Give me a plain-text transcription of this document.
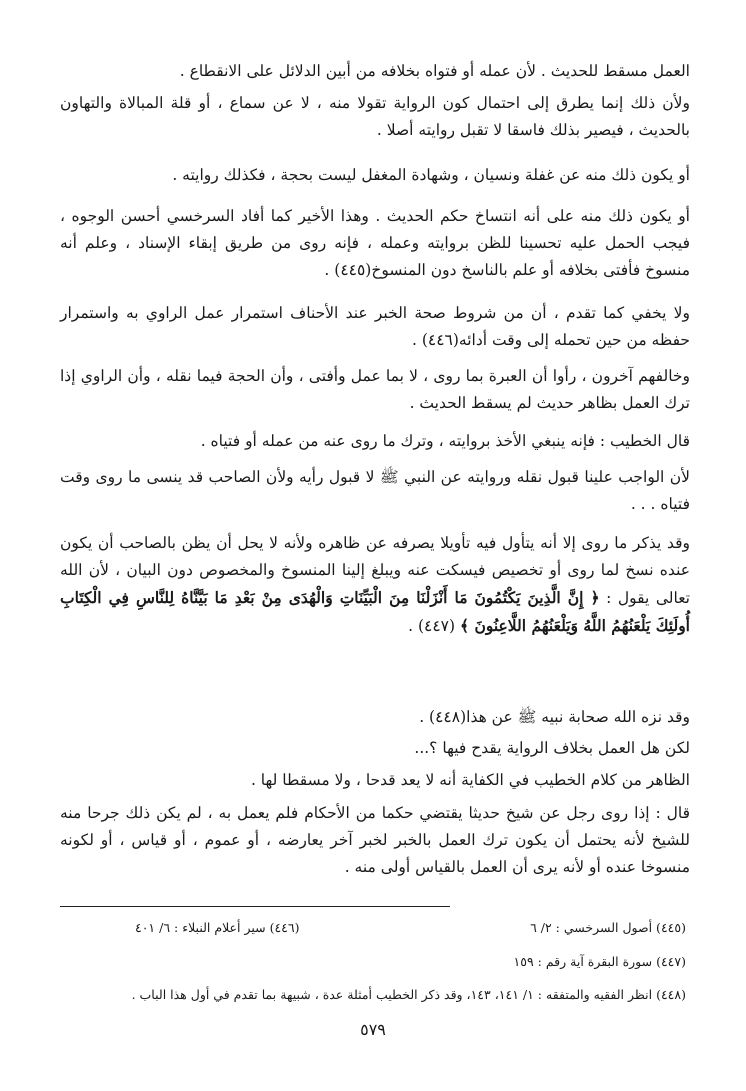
العمل مسقط للحديث . لأن عمله أو فتواه بخلافه من أبين الدلائل على الانقطاع .

ولأن ذلك إنما يطرق إلى احتمال كون الرواية تقولا منه ، لا عن سماع ، أو قلة المبالاة والتهاون بالحديث ، فيصير بذلك فاسقا لا تقبل روايته أصلا .

أو يكون ذلك منه عن غفلة ونسيان ، وشهادة المغفل ليست بحجة ، فكذلك روايته .

أو يكون ذلك منه على أنه انتساخ حكم الحديث . وهذا الأخير كما أفاد السرخسي أحسن الوجوه ، فيجب الحمل عليه تحسينا للظن بروايته وعمله ، فإنه روى من طريق إبقاء الإسناد ، وعلم أنه منسوخ فأفتى بخلافه أو علم بالناسخ دون المنسوخ(٤٤٥) .

ولا يخفي كما تقدم ، أن من شروط صحة الخبر عند الأحناف استمرار عمل الراوي به واستمرار حفظه من حين تحمله إلى وقت أدائه(٤٤٦) .

وخالفهم آخرون ، رأوا أن العبرة بما روى ، لا بما عمل وأفتى ، وأن الحجة فيما نقله ، وأن الراوي إذا ترك العمل بظاهر حديث لم يسقط الحديث .

قال الخطيب : فإنه ينبغي الأخذ بروايته ، وترك ما روى عنه من عمله أو فتياه .

لأن الواجب علينا قبول نقله وروايته عن النبي ﷺ لا قبول رأيه ولأن الصاحب قد ينسى ما روى وقت فتياه . . .

وقد يذكر ما روى إلا أنه يتأول فيه تأويلا يصرفه عن ظاهره ولأنه لا يحل أن يظن بالصاحب أن يكون عنده نسخ لما روى أو تخصيص فيسكت عنه ويبلغ إلينا المنسوخ والمخصوص دون البيان ، لأن الله تعالى يقول : ﴿ إِنَّ الَّذِينَ يَكْتُمُونَ مَا أَنْزَلْنَا مِنَ الْبَيِّنَاتِ وَالْهُدَى مِنْ بَعْدِ مَا بَيَّنَّاهُ لِلنَّاسِ فِي الْكِتَابِ أُولَئِكَ يَلْعَنُهُمُ اللَّهُ وَيَلْعَنُهُمُ اللَّاعِنُونَ ﴾ (٤٤٧) .

وقد نزه الله صحابة نبيه ﷺ عن هذا(٤٤٨) .

لكن هل العمل بخلاف الرواية يقدح فيها ؟...

الظاهر من كلام الخطيب في الكفاية أنه لا يعد قدحا ، ولا مسقطا لها .

قال : إذا روى رجل عن شيخ حديثا يقتضي حكما من الأحكام فلم يعمل به ، لم يكن ذلك جرحا منه للشيخ لأنه يحتمل أن يكون ترك العمل بالخبر لخبر آخر يعارضه ، أو عموم ، أو قياس ، أو لكونه منسوخا عنده أو لأنه يرى أن العمل بالقياس أولى منه .

(٤٤٥) أصول السرخسي : ٢/ ٦
(٤٤٦) سير أعلام النبلاء : ٦/ ٤٠١
(٤٤٧) سورة البقرة آية رقم : ١٥٩
(٤٤٨) انظر الفقيه والمتفقه : ١/ ١٤١، ١٤٣، وقد ذكر الخطيب أمثلة عدة ، شبيهة بما تقدم في أول هذا الباب .
٥٧٩
